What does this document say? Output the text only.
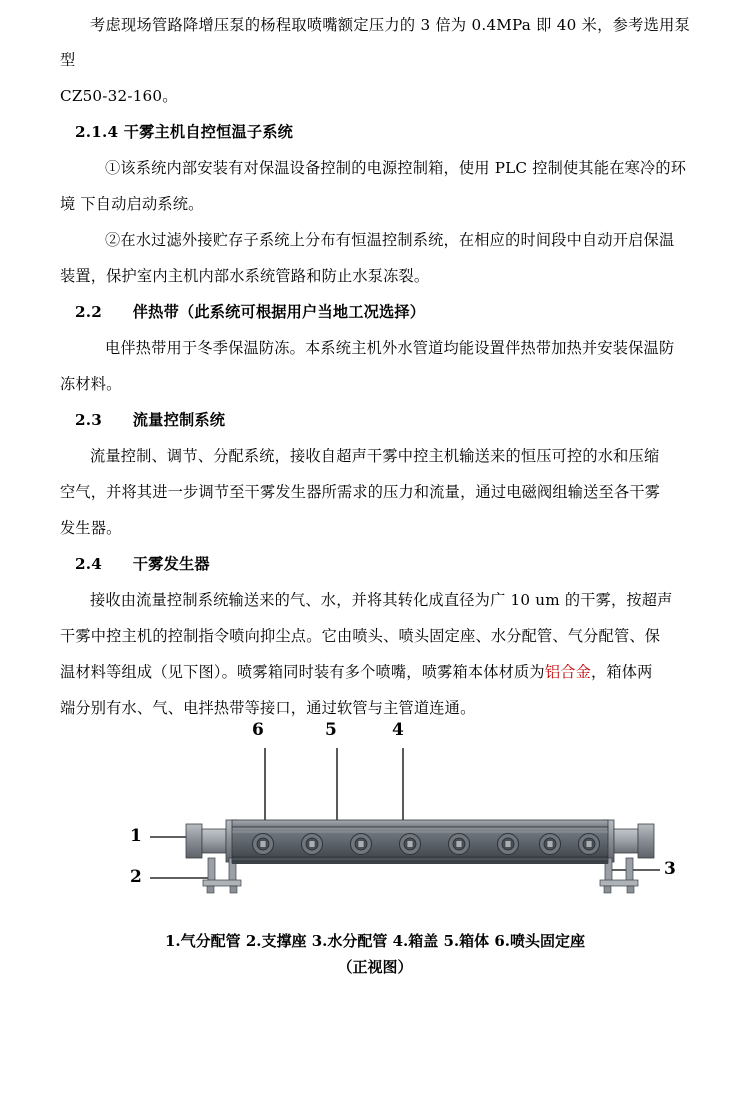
考虑现场管路降增压泵的杨程取喷嘴额定压力的 3 倍为 0.4MPa 即 40 米，参考选用泵型

CZ50-32-160。

2.1.4 干雾主机自控恒温子系统

①该系统内部安装有对保温设备控制的电源控制箱，使用 PLC 控制使其能在寒冷的环

境 下自动启动系统。

②在水过滤外接贮存子系统上分布有恒温控制系统，在相应的时间段中自动开启保温

装置，保护室内主机内部水系统管路和防止水泵冻裂。

2.2　　伴热带（此系统可根据用户当地工况选择）

电伴热带用于冬季保温防冻。本系统主机外水管道均能设置伴热带加热并安装保温防

冻材料。

2.3　　流量控制系统

流量控制、调节、分配系统，接收自超声干雾中控主机输送来的恒压可控的水和压缩

空气，并将其进一步调节至干雾发生器所需求的压力和流量，通过电磁阀组输送至各干雾

发生器。

2.4　　干雾发生器

接收由流量控制系统输送来的气、水，并将其转化成直径为广 10 um 的干雾，按超声

干雾中控主机的控制指令喷向抑尘点。它由喷头、喷头固定座、水分配管、气分配管、保

温材料等组成（见下图）。喷雾箱同时装有多个喷嘴，喷雾箱本体材质为铝合金，箱体两

端分别有水、气、电拌热带等接口，通过软管与主管道连通。

6	5	4
1
2	3
1.气分配管 2.支撑座 3.水分配管 4.箱盖 5.箱体 6.喷头固定座
（正视图）
